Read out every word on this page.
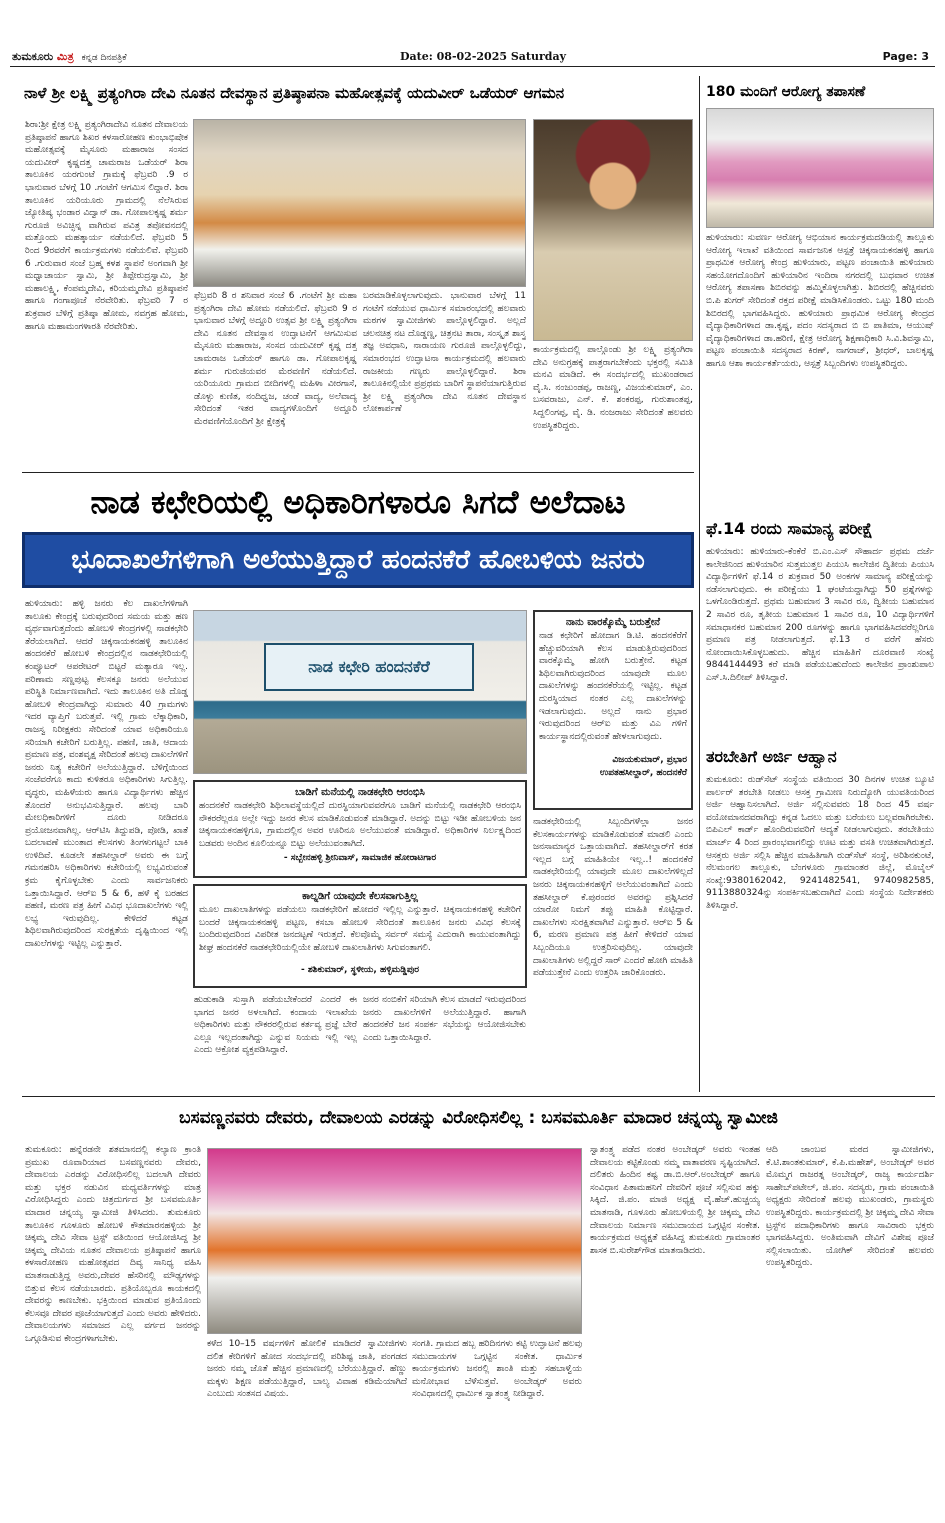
ತುಮಕೂರು ಮಿತ್ರ ಕನ್ನಡ ದಿನಪತ್ರಿಕೆ	Date: 08-02-2025 Saturday	Page: 3
ನಾಳೆ ಶ್ರೀ ಲಕ್ಷ್ಮಿ ಪ್ರತ್ಯಂಗಿರಾ ದೇವಿ ನೂತನ ದೇವಸ್ಥಾನ ಪ್ರತಿಷ್ಠಾಪನಾ ಮಹೋತ್ಸವಕ್ಕೆ ಯದುವೀರ್ ಒಡೆಯರ್ ಆಗಮನ
ಶಿರಾ:ಶ್ರೀ ಕ್ಷೇತ್ರ ಲಕ್ಷ್ಮಿ ಪ್ರತ್ಯಂಗಿರಾದೇವಿ ನೂತನ ದೇವಾಲಯ ಪ್ರತಿಷ್ಠಾಪನೆ ಹಾಗೂ ಶಿಖರ ಕಳಸಾರೋಹಣ ಕುಂಭಾಭಿಷೇಕ ಮಹೋತ್ಸವಕ್ಕೆ ಮೈಸೂರು ಮಹಾರಾಜ ಸಂಸದ ಯದುವೀರ್ ಕೃಷ್ಣದತ್ತ ಚಾಮರಾಜ ಒಡೆಯರ್ ಶಿರಾ ತಾಲೂಕಿನ ಯರಗುಂಟೆ ಗ್ರಾಮಕ್ಕೆ ಫೆಬ್ರವರಿ .9 ರ ಭಾನುವಾರ ಬೆಳಗ್ಗೆ 10 .ಗಂಟೆಗೆ ಆಗಮಿಸ ಲಿದ್ದಾರೆ. ಶಿರಾ ತಾಲೂಕಿನ ಯರಿಯೂರು ಗ್ರಾಮದಲ್ಲಿ ನೆಲೆಸಿರುವ ಜ್ಯೋತಿಷ್ಯ ಭಂಡಾರ ವಿದ್ವಾನ್ ಡಾ. ಗೋಪಾಲಕೃಷ್ಣ ಶರ್ಮ ಗುರೂಜಿ ಅವಿಚ್ಛಿನ್ನ ವಾಗಿರುವ ಪವಿತ್ರ ತಪೋವನದಲ್ಲಿ ಮತ್ತೊಂದು ಮಹತ್ಕಾರ್ಯ ನಡೆಯಲಿದೆ. ಫೆಬ್ರವರಿ 5 ರಿಂದ 9ರವರೆಗೆ ಕಾರ್ಯಕ್ರಮಗಳು ನಡೆಯಲಿವೆ. ಫೆಬ್ರವರಿ 6 .ಗುರುವಾರ ಸಂಜೆ ಬ್ರಹ್ಮ ಕಳಶ ಸ್ಥಾಪನೆ ಅಂಗವಾಗಿ ಶ್ರೀ ಮಧ್ವಾಚಾರ್ಯ ಸ್ವಾಮಿ, ಶ್ರೀ ತಿಪ್ಪೇರುದ್ರಸ್ವಾಮಿ, ಶ್ರೀ ಮಹಾಲಕ್ಷ್ಮಿ, ಕೆಂಪಮ್ಮದೇವಿ, ಕರಿಯಮ್ಮದೇವಿ ಪ್ರತಿಷ್ಠಾಪನೆ ಹಾಗೂ ಗಂಗಾಪೂಜೆ ನೆರವೇರಿತು. ಫೆಬ್ರವರಿ 7 ರ ಶುಕ್ರವಾರ ಬೆಳಿಗ್ಗೆ ಪ್ರತಿಷ್ಠಾ ಹೋಮ, ನವಗ್ರಹ ಹೋಮ, ಹಾಗೂ ಮಹಾಮಂಗಳಾರತಿ ನೆರವೇರಿತು.
ಫೆಬ್ರವರಿ 8 ರ ಶನಿವಾರ ಸಂಜೆ 6 .ಗಂಟೆಗೆ ಶ್ರೀ ಮಹಾ ಪ್ರತ್ಯಂಗಿರಾ ದೇವಿ ಹೋಮ ನಡೆಯಲಿದೆ. ಫೆಬ್ರವರಿ 9 ರ ಭಾನುವಾರ ಬೆಳಗ್ಗೆ ಅದ್ದೂರಿ ಉತ್ಸವ ಶ್ರೀ ಲಕ್ಷ್ಮಿ ಪ್ರತ್ಯಂಗಿರಾ ದೇವಿ ನೂತನ ದೇವಸ್ಥಾನ ಉದ್ಘಾಟನೆಗೆ ಆಗಮಿಸುವ ಮೈಸೂರು ಮಹಾರಾಜ, ಸಂಸದ ಯದುವೀರ್ ಕೃಷ್ಣ ದತ್ತ ಚಾಮರಾಜ ಒಡೆಯರ್ ಹಾಗೂ ಡಾ. ಗೋಪಾಲಕೃಷ್ಣ ಶರ್ಮ ಗುರುಜಿಯವರ ಮೆರವಣಿಗೆ ನಡೆಯಲಿದೆ. ಯರಿಯೂರು ಗ್ರಾಮದ ಬೀದಿಗಳಲ್ಲಿ ಮಹಿಳಾ ವೀರಗಾಸೆ, ಡೊಳ್ಳು ಕುಣಿತ, ನಂದಿಧ್ವಜ, ಚಂಡೆ ವಾದ್ಯ, ಅಲೆವಾದ್ಯ ಸೇರಿದಂತೆ ಇತರ ವಾದ್ಯಗಳೊಂದಿಗೆ ಅದ್ದೂರಿ ಮೆರವಣಿಗೆಯೊಂದಿಗೆ ಶ್ರೀ ಕ್ಷೇತ್ರಕ್ಕೆ
ಬರಮಾಡಿಕೊಳ್ಳಲಾಗುವುದು. ಭಾನುವಾರ ಬೆಳಗ್ಗೆ 11 ಗಂಟೆಗೆ ನಡೆಯುವ ಧಾರ್ಮಿಕ ಸಮಾರಂಭದಲ್ಲಿ ಹಲವಾರು ಮಠಗಳ ಸ್ವಾಮೀಜಿಗಳು ಪಾಲ್ಗೊಳ್ಳಲಿದ್ದಾರೆ. ಅಲ್ಲದೆ ಚಲನಚಿತ್ರ ನಟ ದೊಡ್ಡಣ್ಣ, ಚಿತ್ರನಟ ತಾರಾ, ಸಂಸ್ಕೃತ ಶಾಸ್ತ್ರ ತಜ್ಞ ಅವಧಾನಿ, ನಾರಾಯಣ ಗುರೂಜಿ ಪಾಲ್ಗೊಳ್ಳಲಿದ್ದು, ಸಮಾರಂಭದ ಉದ್ಘಾಟನಾ ಕಾರ್ಯಕ್ರಮದಲ್ಲಿ ಹಲವಾರು ರಾಜಕೀಯ ಗಣ್ಯರು ಪಾಲ್ಗೊಳ್ಳಲಿದ್ದಾರೆ. ಶಿರಾ ತಾಲೂಕಿನಲ್ಲಿಯೇ ಪ್ರಪ್ರಥಮ ಬಾರಿಗೆ ಸ್ಥಾಪನೆಯಾಗುತ್ತಿರುವ ಶ್ರೀ ಲಕ್ಷ್ಮಿ ಪ್ರತ್ಯಂಗಿರಾ ದೇವಿ ನೂತನ ದೇವಸ್ಥಾನ ಲೋಕಾರ್ಪಣೆ
ಕಾರ್ಯಕ್ರಮದಲ್ಲಿ ಪಾಲ್ಗೊಂಡು ಶ್ರೀ ಲಕ್ಷ್ಮಿ ಪ್ರತ್ಯಂಗಿರಾ ದೇವಿ ಅನುಗ್ರಹಕ್ಕೆ ಪಾತ್ರರಾಗಬೇಕೆಂದು ಭಕ್ತರಲ್ಲಿ ಸಮಿತಿ ಮನವಿ ಮಾಡಿದೆ. ಈ ಸಂದರ್ಭದಲ್ಲಿ ಮುಖಂಡರಾದ ವೈ.ಸಿ. ನಂಜುಂಡಪ್ಪ, ರಾಜಣ್ಣ, ವಿಜಯಕುಮಾರ್, ಎಂ. ಬಸವರಾಜು, ಎನ್. ಕೆ. ಶಂಕರಪ್ಪ, ಗುರುಶಾಂತಪ್ಪ, ಸಿದ್ದಲಿಂಗಪ್ಪ, ವೈ. ಡಿ. ನಂಜರಾಜು ಸೇರಿದಂತೆ ಹಲವರು ಉಪಸ್ಥಿತರಿದ್ದರು.
180 ಮಂದಿಗೆ ಆರೋಗ್ಯ ತಪಾಸಣೆ
ಹುಳಿಯಾರು: ಸುವರ್ಣ ಆರೋಗ್ಯ ಆಭಿಯಾನ ಕಾರ್ಯಕ್ರಮದಡಿಯಲ್ಲಿ ತಾಲ್ಲೂಕು ಆರೋಗ್ಯ ಇಲಾಖೆ ವತಿಯಿಂದ ಸಾರ್ವಜನಿಕ ಆಸ್ಪತ್ರೆ ಚಿಕ್ಕನಾಯಕನಹಳ್ಳಿ ಹಾಗೂ ಪ್ರಾಥಮಿಕ ಆರೋಗ್ಯ ಕೇಂದ್ರ ಹುಳಿಯಾರು, ಪಟ್ಟಣ ಪಂಚಾಯಿತಿ ಹುಳಿಯಾರು ಸಹಯೋಗದೊಂದಿಗೆ ಹುಳಿಯಾರಿನ ಇಂದಿರಾ ನಗರದಲ್ಲಿ ಬುಧವಾರ ಉಚಿತ ಆರೋಗ್ಯ ತಪಾಸಣಾ ಶಿಬಿರವನ್ನು ಹಮ್ಮಿಕೊಳ್ಳಲಾಗಿತ್ತು. ಶಿಬಿರದಲ್ಲಿ ಹೆಚ್ಚಿನವರು ಬಿ.ಪಿ ಶುಗರ್ ಸೇರಿದಂತೆ ರಕ್ತದ ಪರೀಕ್ಷೆ ಮಾಡಿಸಿಕೊಂಡರು. ಒಟ್ಟು 180 ಮಂದಿ ಶಿಬಿರದಲ್ಲಿ ಭಾಗವಹಿಸಿದ್ದರು. ಹುಳಿಯಾರು ಪ್ರಾಥಮಿಕ ಆರೋಗ್ಯ ಕೇಂದ್ರದ ವೈದ್ಯಾಧಿಕಾರಿಗಳಾದ ಡಾ.ಕೃಷ್ಣ, ಪದಂ ಸದಸ್ಯರಾದ ಬಿ ಬಿ ಪಾತಿಮಾ, ಆಯುಷ್ ವೈದ್ಯಾಧಿಕಾರಿಗಳಾದ ಡಾ.ಹರಿಣಿ, ಕ್ಷೇತ್ರ ಆರೋಗ್ಯ ಶಿಕ್ಷಣಾಧಿಕಾರಿ ಸಿ.ವಿ.ಶಿವಸ್ವಾಮಿ, ಪಟ್ಟಣ ಪಂಚಾಯಿತಿ ಸದಸ್ಯರಾದ ಕಿರಣ್, ನಾಗರಾಜ್, ಶ್ರೀಧರ್, ಬಾಲಕೃಷ್ಣ ಹಾಗೂ ಆಶಾ ಕಾರ್ಯಕರ್ತೆಯರು, ಆಸ್ಪತ್ರೆ ಸಿಬ್ಬಂದಿಗಳು ಉಪಸ್ಥಿತರಿದ್ದರು.
ನಾಡ ಕಛೇರಿಯಲ್ಲಿ ಅಧಿಕಾರಿಗಳಾರೂ ಸಿಗದೆ ಅಲೆದಾಟ
ಭೂದಾಖಲೆಗಳಿಗಾಗಿ ಅಲೆಯುತ್ತಿದ್ದಾರೆ ಹಂದನಕೆರೆ ಹೋಬಳಿಯ ಜನರು
ಹುಳಿಯಾರು: ಹಳ್ಳಿ ಜನರು ಕೆಲ ದಾಖಲೆಗಳಿಗಾಗಿ ತಾಲೂಕು ಕೇಂದ್ರಕ್ಕೆ ಬರುವುದರಿಂದ ಸಮಯ ಮತ್ತು ಹಣ ವ್ಯರ್ಥವಾಗುತ್ತದೆಂದು ಹೋಬಳಿ ಕೇಂದ್ರಗಳಲ್ಲಿ ನಾಡಕಛೇರಿ ತೆರೆಯಲಾಗಿದೆ. ಆದರೆ ಚಿಕ್ಕನಾಯಕನಹಳ್ಳಿ ತಾಲೂಕಿನ ಹಂದನಕೆರೆ ಹೋಬಳಿ ಕೇಂದ್ರದಲ್ಲಿನ ನಾಡಕಛೇರಿಯಲ್ಲಿ ಕಂಪ್ಯೂಟರ್ ಆಪರೇಟರ್ ಬಿಟ್ಟರೆ ಮತ್ಯಾರೂ ಇಲ್ಲ. ಪರಿಣಾಮ ಸಣ್ಣಪುಟ್ಟ ಕೆಲಸಕ್ಕೂ ಜನರು ಅಲೆಯುವ ಪರಿಸ್ಥಿತಿ ನಿರ್ಮಾಣವಾಗಿದೆ. ಇದು ತಾಲೂಕಿನ ಅತಿ ದೊಡ್ಡ ಹೋಬಳಿ ಕೇಂದ್ರವಾಗಿದ್ದು ಸುಮಾರು 40 ಗ್ರಾಮಗಳು ಇದರ ವ್ಯಾಪ್ತಿಗೆ ಬರುತ್ತವೆ. ಇಲ್ಲಿ ಗ್ರಾಮ ಲೆಕ್ಕಾಧಿಕಾರಿ, ರಾಜಸ್ವ ನಿರೀಕ್ಷಕರು ಸೇರಿದಂತೆ ಯಾವ ಅಧಿಕಾರಿಯೂ ಸರಿಯಾಗಿ ಕಚೇರಿಗೆ ಬರುತ್ತಿಲ್ಲ. ಪಹಣಿ, ಜಾತಿ, ಆದಾಯ ಪ್ರಮಾಣ ಪತ್ರ, ವಂಶವೃಕ್ಷ ಸೇರಿದಂತೆ ಹಲವು ದಾಖಲೆಗಳಿಗೆ ಜನರು ನಿತ್ಯ ಕಚೇರಿಗೆ ಅಲೆಯುತ್ತಿದ್ದಾರೆ. ಬೆಳಿಗ್ಗೆಯಿಂದ ಸಂಜೆವರೆಗೂ ಕಾದು ಕುಳಿತರೂ ಅಧಿಕಾರಿಗಳು ಸಿಗುತ್ತಿಲ್ಲ. ವೃದ್ಧರು, ಮಹಿಳೆಯರು ಹಾಗೂ ವಿದ್ಯಾರ್ಥಿಗಳು ಹೆಚ್ಚಿನ ತೊಂದರೆ ಅನುಭವಿಸುತ್ತಿದ್ದಾರೆ. ಹಲವು ಬಾರಿ ಮೇಲಧಿಕಾರಿಗಳಿಗೆ ದೂರು ನೀಡಿದರೂ ಪ್ರಯೋಜನವಾಗಿಲ್ಲ. ಆರ್‌ಟಿಸಿ ತಿದ್ದುಪಡಿ, ಪೋಡಿ, ಖಾತೆ ಬದಲಾವಣೆ ಮುಂತಾದ ಕೆಲಸಗಳು ತಿಂಗಳುಗಟ್ಟಲೆ ಬಾಕಿ ಉಳಿದಿವೆ. ಕೂಡಲೇ ತಹಸೀಲ್ದಾರ್ ಅವರು ಈ ಬಗ್ಗೆ ಗಮನಹರಿಸಿ ಅಧಿಕಾರಿಗಳು ಕಚೇರಿಯಲ್ಲಿ ಲಭ್ಯವಿರುವಂತೆ ಕ್ರಮ ಕೈಗೊಳ್ಳಬೇಕು ಎಂದು ಸಾರ್ವಜನಿಕರು ಒತ್ತಾಯಿಸಿದ್ದಾರೆ. ಆರ್‌ಐ 5 & 6, ಹಳೆ ಕೈ ಬರಹದ ಪಹಣಿ, ಮರಣ ಪತ್ರ ಹೀಗೆ ವಿವಿಧ ಭೂದಾಖಲೆಗಳು ಇಲ್ಲಿ ಲಭ್ಯ ಇರುವುದಿಲ್ಲ. ಕೇಳಿದರೆ ಕಟ್ಟಡ ಶಿಥಿಲವಾಗಿರುವುದರಿಂದ ಸುರಕ್ಷತೆಯ ದೃಷ್ಟಿಯಿಂದ ಇಲ್ಲಿ ದಾಖಲೆಗಳನ್ನು ಇಟ್ಟಿಲ್ಲ ಎನ್ನುತ್ತಾರೆ.
ನಾಡ ಕಛೇರಿ ಹಂದನಕೆರೆ
ನಾನು ವಾರಕ್ಕೊಮ್ಮೆ ಬರುತ್ತೇನೆ
ನಾಡ ಕಛೇರಿಗೆ ಹೋದಾಗ ಡಿ.ಟಿ. ಹಂದನಕೆರೆಗೆ ಹೆಚ್ಚುವರಿಯಾಗಿ ಕೆಲಸ ಮಾಡುತ್ತಿರುವುದರಿಂದ ವಾರಕ್ಕೊಮ್ಮೆ ಹೋಗಿ ಬರುತ್ತೇನೆ. ಕಟ್ಟಡ ಶಿಥಿಲವಾಗಿರುವುದರಿಂದ ಯಾವುದೇ ಮೂಲ ದಾಖಲೆಗಳನ್ನು ಹಂದನಕೆರೆಯಲ್ಲಿ ಇಟ್ಟಿಲ್ಲ. ಕಟ್ಟಡ ದುರಸ್ಥಿಯಾದ ನಂತರ ಎಲ್ಲ ದಾಖಲೆಗಳನ್ನು ಇಡಲಾಗುವುದು. ಅಲ್ಲದೆ ನಾನು ಪ್ರಭಾರ ಇರುವುದರಿಂದ ಆರ್‌ಐ ಮತ್ತು ವಿಎ ಗಳಿಗೆ ಕಾರ್ಯಸ್ಥಾನದಲ್ಲಿರುವಂತೆ ಹೇಳಲಾಗುವುದು.
ವಿಜಯಕುಮಾರ್, ಪ್ರಭಾರ
ಉಪತಹಸೀಲ್ದಾರ್, ಹಂದನಕೆರೆ
ಬಾಡಿಗೆ ಮನೆಯಲ್ಲಿ ನಾಡಕಛೇರಿ ಆರಂಭಿಸಿ
ಹಂದನಕೆರೆ ನಾಡಕಛೇರಿ ಶಿಥಿಲಾವಸ್ಥೆಯಲ್ಲಿದೆ ದುರಸ್ಥಿಯಾಗುವವರೆಗೂ ಬಾಡಿಗೆ ಮನೆಯಲ್ಲಿ ನಾಡಕಛೇರಿ ಆರಂಭಿಸಿ ನೌಕರರೆಲ್ಲರೂ ಅಲ್ಲೇ ಇದ್ದು ಜನರ ಕೆಲಸ ಮಾಡಿಕೊಡುವಂತೆ ಮಾಡಿದ್ದಾರೆ. ಅದನ್ನು ಬಿಟ್ಟು ಇಡೀ ಹೋಬಳಿಯ ಜನ ಚಿಕ್ಕನಾಯಕನಹಳ್ಳಿಗೂ, ಗ್ರಾಮದಲ್ಲಿನ ಅವರ ಊರಿನೂ ಅಲೆಯುವಂತೆ ಮಾಡಿದ್ದಾರೆ. ಅಧಿಕಾರಿಗಳ ನಿರ್ಲಕ್ಷ್ಯದಿಂದ ಬಡವರು ಅಂದಿನ ಕೂಲಿಯನ್ನೂ ಬಿಟ್ಟು ಅಲೆಯುವಂತಾಗಿದೆ.
- ಸಬ್ಬೇನಹಳ್ಳಿ ಶ್ರೀನಿವಾಸ್, ಸಾಮಾಜಿಕ ಹೋರಾಟಗಾರ
ನಾಡಕಛೇರಿಯಲ್ಲಿ ಸಿಬ್ಬಂದಿಗಳೆಲ್ಲಾ ಜನರ ಕೆಲಸಕಾರ್ಯಗಳನ್ನು ಮಾಡಿಕೊಡುವಂತೆ ಮಾಡಲಿ ಎಂದು ಜನಸಾಮಾನ್ಯರ ಒತ್ತಾಯವಾಗಿದೆ. ತಹಸೀಲ್ದಾರ್‌ಗೆ ಕರತ ಇಲ್ಲದ ಬಗ್ಗೆ ಮಾಹಿತಿಯೇ ಇಲ್ಲ..! ಹಂದನಕೆರೆ ನಾಡಕಛೇರಿಯಲ್ಲಿ ಯಾವುದೇ ಮೂಲ ದಾಖಲೆಗಳಿಲ್ಲದೆ ಜನರು ಚಿಕ್ಕನಾಯಕನಹಳ್ಳಿಗೆ ಅಲೆಯುವಂತಾಗಿದೆ ಎಂದು ತಹಸೀಲ್ದಾರ್ ಕೆ.ಪುರಂದರ ಅವರನ್ನು ಪ್ರಶ್ನಿಸಿದರೆ ಯಾರೋ ನಿಮಗೆ ತಪ್ಪು ಮಾಹಿತಿ ಕೊಟ್ಟಿದ್ದಾರೆ. ದಾಖಲೆಗಳು ಸುರಕ್ಷಿತವಾಗಿವೆ ಎನ್ನುತ್ತಾರೆ. ಆರ್‌ಐ 5 & 6, ಮರಣ ಪ್ರಮಾಣ ಪತ್ರ ಹೀಗೆ ಕೇಳಿದರೆ ಯಾವ ಸಿಬ್ಬಂದಿಯೂ ಉತ್ತರಿಸುವುದಿಲ್ಲ. ಯಾವುದೇ ದಾಖಲಾತಿಗಳು ಅಲ್ಲಿದ್ದರೆ ಸಾರ್ ಎಂದರೆ ಹೋಗಿ ಮಾಹಿತಿ ಪಡೆಯುತ್ತೇನೆ ಎಂದು ಉತ್ತರಿಸಿ ಜಾರಿಕೊಂಡರು.
ಕಾಲ್ನಡಿಗೆ ಯಾವುದೇ ಕೆಲಸವಾಗುತ್ತಿಲ್ಲ
ಮೂಲ ದಾಖಲಾತಿಗಳನ್ನು ಪಡೆಯಲು ನಾಡಕಛೇರಿಗೆ ಹೋದರೆ ಇಲ್ಲಿಲ್ಲ ಎನ್ನುತ್ತಾರೆ. ಚಿಕ್ಕನಾಯಕನಹಳ್ಳಿ ಕಚೇರಿಗೆ ಬಂದರೆ ಚಿಕ್ಕನಾಯಕನಹಳ್ಳಿ ಪಟ್ಟಣ, ಕಸಬಾ ಹೋಬಳಿ ಸೇರಿದಂತೆ ತಾಲೂಕಿನ ಜನರು ವಿವಿಧ ಕೆಲಸಕ್ಕೆ ಬಂದಿರುವುದರಿಂದ ವಿಪರೀತ ಜನದಟ್ಟಣೆ ಇರುತ್ತದೆ. ಕೆಲವೊಮ್ಮೆ ಸರ್ವರ್ ಸಮಸ್ಯೆ ಎದುರಾಗಿ ಕಾಯುವಂತಾಗಿದ್ದು ಶೀಘ್ರ ಹಂದನಕೆರೆ ನಾಡಕಛೇರಿಯಲ್ಲಿಯೇ ಹೋಬಳಿ ದಾಖಲಾತಿಗಳು ಸಿಗುವಂತಾಗಲಿ.
- ಶಶಿಕುಮಾರ್, ಸ್ಥಳೀಯ, ಹಳ್ಳಿಮಡ್ಡಿಪುರ
ಹುಡುಕಾಡಿ ಸುಸ್ತಾಗಿ ಪಡೆಯಬೇಕೆಂದರೆ ಎಂದರೆ ಈ ಭಾಗದ ಜನರ ಅಳಲಾಗಿದೆ. ಕಂದಾಯ ಇಲಾಖೆಯ ಅಧಿಕಾರಿಗಳು ಮತ್ತು ನೌಕರರಲ್ಲಿರುವ ಕರ್ತವ್ಯ ಪ್ರಜ್ಞೆ ಬೇರೆ ಎಲ್ಲೂ ಇಲ್ಲದಂತಾಗಿದ್ದು ಎನ್ನುವ ನಿಯಮ ಇಲ್ಲಿ ಇಲ್ಲ ಎಂದು ಆಕ್ರೋಶ ವ್ಯಕ್ತಪಡಿಸಿದ್ದಾರೆ.
ಜನರ ನಂಬಿಕೆಗೆ ಸರಿಯಾಗಿ ಕೆಲಸ ಮಾಡದೆ ಇರುವುದರಿಂದ ಜನರು ದಾಖಲೆಗಳಿಗೆ ಅಲೆಯುತ್ತಿದ್ದಾರೆ. ಹಾಗಾಗಿ ಹಂದನಕೆರೆ ಜನ ಸಂಪರ್ಕ ಸಭೆಯನ್ನು ಆಯೋಜಿಸಬೇಕು ಎಂದು ಒತ್ತಾಯಿಸಿದ್ದಾರೆ.
ಫೆ.14 ರಂದು ಸಾಮಾನ್ಯ ಪರೀಕ್ಷೆ
ಹುಳಿಯಾರು: ಹುಳಿಯಾರು-ಕೆಂಕೆರೆ ಬಿ.ಎಂ.ಎಸ್ ಸೌಹಾರ್ದ ಪ್ರಥಮ ದರ್ಜೆ ಕಾಲೇಜಿನಿಂದ ಹುಳಿಯಾರಿನ ಸುತ್ತಮುತ್ತಲ ಪಿಯುಸಿ ಕಾಲೇಜಿನ ದ್ವಿತೀಯ ಪಿಯುಸಿ ವಿದ್ಯಾರ್ಥಿಗಳಿಗೆ ಫೆ.14 ರ ಶುಕ್ರವಾರ 50 ಅಂಕಗಳ ಸಾಮಾನ್ಯ ಪರೀಕ್ಷೆಯನ್ನು ನಡೆಸಲಾಗುವುದು. ಈ ಪರೀಕ್ಷೆಯು 1 ಘಂಟೆಯದ್ದಾಗಿದ್ದು 50 ಪ್ರಶ್ನೆಗಳನ್ನು ಒಳಗೊಂಡಿರುತ್ತದೆ. ಪ್ರಥಮ ಬಹುಮಾನ 3 ಸಾವಿರ ರೂ, ದ್ವಿತೀಯ ಬಹುಮಾನ 2 ಸಾವಿರ ರೂ, ತೃತೀಯ ಬಹುಮಾನ 1 ಸಾವಿರ ರೂ, 10 ವಿದ್ಯಾರ್ಥಿಗಳಿಗೆ ಸಮಾಧಾನಕರ ಬಹುಮಾನ 200 ರೂಗಳನ್ನು ಹಾಗೂ ಭಾಗವಹಿಸಿದವರೆಲ್ಲರಿಗೂ ಪ್ರಮಾಣ ಪತ್ರ ನೀಡಲಾಗುತ್ತದೆ. ಫೆ.13 ರ ವರೆಗೆ ಹೆಸರು ನೋಂದಾಯಿಸಿಕೊಳ್ಳಬಹುದು. ಹೆಚ್ಚಿನ ಮಾಹಿತಿಗೆ ದೂರವಾಣಿ ಸಂಖ್ಯೆ 9844144493 ಕರೆ ಮಾಡಿ ಪಡೆಯಬಹುದೆಂದು ಕಾಲೇಜಿನ ಪ್ರಾಂಶುಪಾಲ ಎಸ್.ಸಿ.ದಿಲೀಪ್ ತಿಳಿಸಿದ್ದಾರೆ.
ತರಬೇತಿಗೆ ಅರ್ಜಿ ಆಹ್ವಾನ
ತುಮಕೂರು: ರುಡ್‌ಸೆಟ್ ಸಂಸ್ಥೆಯ ವತಿಯಿಂದ 30 ದಿನಗಳ ಉಚಿತ ಬ್ಯೂಟಿ ಪಾರ್ಲರ್ ತರಬೇತಿ ನೀಡಲು ಆಸಕ್ತ ಗ್ರಾಮೀಣ ನಿರುದ್ಯೋಗಿ ಯುವತಿಯರಿಂದ ಅರ್ಜಿ ಆಹ್ವಾನಿಸಲಾಗಿದೆ. ಅರ್ಜಿ ಸಲ್ಲಿಸುವವರು 18 ರಿಂದ 45 ವರ್ಷ ವಯೋಮಾನದವರಾಗಿದ್ದು ಕನ್ನಡ ಓದಲು ಮತ್ತು ಬರೆಯಲು ಬಲ್ಲವರಾಗಿರಬೇಕು. ಬಿಪಿಎಲ್ ಕಾರ್ಡ್ ಹೊಂದಿರುವವರಿಗೆ ಆದ್ಯತೆ ನೀಡಲಾಗುವುದು. ತರಬೇತಿಯು ಮಾರ್ಚ್ 4 ರಿಂದ ಪ್ರಾರಂಭವಾಗಲಿದ್ದು ಊಟ ಮತ್ತು ವಸತಿ ಉಚಿತವಾಗಿರುತ್ತದೆ. ಆಸಕ್ತರು ಅರ್ಜಿ ಸಲ್ಲಿಸಿ ಹೆಚ್ಚಿನ ಮಾಹಿತಿಗಾಗಿ ರುಡ್‌ಸೆಟ್ ಸಂಸ್ಥೆ, ಅರಿಶಿನಕುಂಟೆ, ನೆಲಮಂಗಲ ತಾಲ್ಲೂಕು, ಬೆಂಗಳೂರು ಗ್ರಾಮಾಂತರ ಜಿಲ್ಲೆ, ಮೊಬೈಲ್ ಸಂಖ್ಯೆ:9380162042, 9241482541, 9740982585, 9113880324ನ್ನು ಸಂಪರ್ಕಿಸಬಹುದಾಗಿದೆ ಎಂದು ಸಂಸ್ಥೆಯ ನಿರ್ದೇಶಕರು ತಿಳಿಸಿದ್ದಾರೆ.
ಬಸವಣ್ಣನವರು ದೇವರು, ದೇವಾಲಯ ಎರಡನ್ನು ವಿರೋಧಿಸಲಿಲ್ಲ : ಬಸವಮೂರ್ತಿ ಮಾದಾರ ಚನ್ನಯ್ಯ ಸ್ವಾಮೀಜಿ
ತುಮಕೂರು: ಹನ್ನೆರಡನೇ ಶತಮಾನದಲ್ಲಿ ಕಲ್ಯಾಣ ಕ್ರಾಂತಿ ಪ್ರಮುಖ ರೂವಾರಿಯಾದ ಬಸವಣ್ಣನವರು ದೇವರು, ದೇವಾಲಯ ಎರಡನ್ನು ವಿರೋಧಿಸಲಿಲ್ಲ ಬದಲಾಗಿ ದೇವರು ಮತ್ತು ಭಕ್ತರ ನಡುವಿನ ಮಧ್ಯವರ್ತಿಗಳನ್ನು ಮಾತ್ರ ವಿರೋಧಿಸಿದ್ದರು ಎಂದು ಚಿತ್ರದುರ್ಗದ ಶ್ರೀ ಬಸವಮೂರ್ತಿ ಮಾದಾರ ಚನ್ನಯ್ಯ ಸ್ವಾಮೀಜಿ ತಿಳಿಸಿದರು. ತುಮಕೂರು ತಾಲೂಕಿನ ಗೂಳೂರು ಹೋಬಳಿ ಕೌತಮಾರನಹಳ್ಳಿಯ ಶ್ರೀ ಚಿಕ್ಕಮ್ಮ ದೇವಿ ಸೇವಾ ಟ್ರಸ್ಟ್ ವತಿಯಿಂದ ಆಯೋಜಿಸಿದ್ದ ಶ್ರೀ ಚಿಕ್ಕಮ್ಮ ದೇವಿಯ ನೂತನ ದೇವಾಲಯ ಪ್ರತಿಷ್ಠಾಪನೆ ಹಾಗೂ ಕಳಸಾರೋಹಣ ಮಹೋತ್ಸವದ ದಿವ್ಯ ಸಾನಿಧ್ಯ ವಹಿಸಿ ಮಾತನಾಡುತ್ತಿದ್ದ ಅವರು,ದೇವರ ಹೆಸರಿನಲ್ಲಿ ಮೌಢ್ಯಗಳನ್ನು ಬಿತ್ತುವ ಕೆಲಸ ನಡೆಯಬಾರದು. ಪ್ರತಿಯೊಬ್ಬರೂ ಕಾಯಕದಲ್ಲಿ ದೇವರನ್ನು ಕಾಣಬೇಕು. ಭಕ್ತಿಯಿಂದ ಮಾಡುವ ಪ್ರತಿಯೊಂದು ಕೆಲಸವೂ ದೇವರ ಪೂಜೆಯಾಗುತ್ತದೆ ಎಂದು ಅವರು ಹೇಳಿದರು. ದೇವಾಲಯಗಳು ಸಮಾಜದ ಎಲ್ಲ ವರ್ಗದ ಜನರನ್ನು ಒಗ್ಗೂಡಿಸುವ ಕೇಂದ್ರಗಳಾಗಬೇಕು.
ಕಳೆದ 10–15 ವರ್ಷಗಳಿಗೆ ಹೋಲಿಕೆ ಮಾಡಿದರೆ ಸ್ವಾಮೀಜಿಗಳು ದಲಿತ ಕೇರಿಗಳಿಗೆ ಹೋದ ಸಂದರ್ಭದಲ್ಲಿ ಪರಿಶಿಷ್ಟ ಜಾತಿ, ಪಂಗಡದ ಜನರು ನಮ್ಮ ಜೊತೆ ಹೆಚ್ಚಿನ ಪ್ರಮಾಣದಲ್ಲಿ ಬೆರೆಯುತ್ತಿದ್ದಾರೆ. ಹೆಣ್ಣು ಮಕ್ಕಳು ಶಿಕ್ಷಣ ಪಡೆಯುತ್ತಿದ್ದಾರೆ, ಬಾಲ್ಯ ವಿವಾಹ ಕಡಿಮೆಯಾಗಿದೆ ಎಂಬುದು ಸಂತಸದ ವಿಷಯ.
ಸಂಗತಿ. ಗ್ರಾಮದ ಹಬ್ಬ ಹರಿದಿನಗಳು ಕಟ್ಟಿ ಉದ್ಘಾಟನೆ ಹಲವು ಸಮುದಾಯಗಳ ಒಗ್ಗಟ್ಟಿನ ಸಂಕೇತ. ಧಾರ್ಮಿಕ ಕಾರ್ಯಕ್ರಮಗಳು ಜನರಲ್ಲಿ ಶಾಂತಿ ಮತ್ತು ಸಹಬಾಳ್ವೆಯ ಮನೋಭಾವ ಬೆಳೆಸುತ್ತವೆ. ಅಂಬೇಡ್ಕರ್ ಅವರು ಸಂವಿಧಾನದಲ್ಲಿ ಧಾರ್ಮಿಕ ಸ್ವಾತಂತ್ರ್ಯ ನೀಡಿದ್ದಾರೆ.
ಸ್ವಾತಂತ್ರ್ಯ ಪಡೆದ ನಂತರ ಅಂಬೇಡ್ಕರ್ ಅವರು ಇಂತಹ ದೇವಾಲಯ ಕಟ್ಟಿಕೊಂಡು ನಮ್ಮ ವಾತಾವರಣ ಸೃಷ್ಟಿಯಾಗಿದೆ. ದಲಿತರು ಹಿಂದಿನ ಕಷ್ಟ ಡಾ.ಬಿ.ಆರ್.ಅಂಬೇಡ್ಕರ್ ಹಾಗೂ ಸಂವಿಧಾನ ಪಿತಾಮಹನಿಗೆ ದೇವರಿಗೆ ಪೂಜೆ ಸಲ್ಲಿಸುವ ಹಕ್ಕು ಸಿಕ್ಕಿದೆ. ಜಿ.ಪಂ. ಮಾಜಿ ಅಧ್ಯಕ್ಷ ವೈ.ಹೆಚ್.ಹುಚ್ಚಯ್ಯ ಮಾತನಾಡಿ, ಗೂಳೂರು ಹೋಬಳಿಯಲ್ಲಿ ಶ್ರೀ ಚಿಕ್ಕಮ್ಮ ದೇವಿ ದೇವಾಲಯ ನಿರ್ಮಾಣ ಸಮುದಾಯದ ಒಗ್ಗಟ್ಟಿನ ಸಂಕೇತ. ಕಾರ್ಯಕ್ರಮದ ಅಧ್ಯಕ್ಷತೆ ವಹಿಸಿದ್ದ ತುಮಕೂರು ಗ್ರಾಮಾಂತರ ಶಾಸಕ ಬಿ.ಸುರೇಶ್‌ಗೌಡ ಮಾತನಾಡಿದರು.
ಆದಿ ಜಾಂಬವ ಮಠದ ಸ್ವಾಮೀಜಿಗಳು, ಕೆ.ಟಿ.ಶಾಂತಕುಮಾರ್, ಕೆ.ಪಿ.ಮಹೇಶ್, ಅಂಬೇಡ್ಕರ್ ಅವರ ಮೊಮ್ಮಗ ರಾಜರತ್ನ ಅಂಬೇಡ್ಕರ್, ರಾಜ್ಯ ಕಾರ್ಯದರ್ಶಿ ಸಾಹೇಬ್‌ಪಟೇಲ್, ಜಿ.ಪಂ. ಸದಸ್ಯರು, ಗ್ರಾಮ ಪಂಚಾಯಿತಿ ಅಧ್ಯಕ್ಷರು ಸೇರಿದಂತೆ ಹಲವು ಮುಖಂಡರು, ಗ್ರಾಮಸ್ಥರು ಉಪಸ್ಥಿತರಿದ್ದರು. ಕಾರ್ಯಕ್ರಮದಲ್ಲಿ ಶ್ರೀ ಚಿಕ್ಕಮ್ಮ ದೇವಿ ಸೇವಾ ಟ್ರಸ್ಟ್‌ನ ಪದಾಧಿಕಾರಿಗಳು ಹಾಗೂ ಸಾವಿರಾರು ಭಕ್ತರು ಭಾಗವಹಿಸಿದ್ದರು. ಅಂತಿಮವಾಗಿ ದೇವಿಗೆ ವಿಶೇಷ ಪೂಜೆ ಸಲ್ಲಿಸಲಾಯಿತು. ಯೋಗಿಕ್ ಸೇರಿದಂತೆ ಹಲವರು ಉಪಸ್ಥಿತರಿದ್ದರು.
